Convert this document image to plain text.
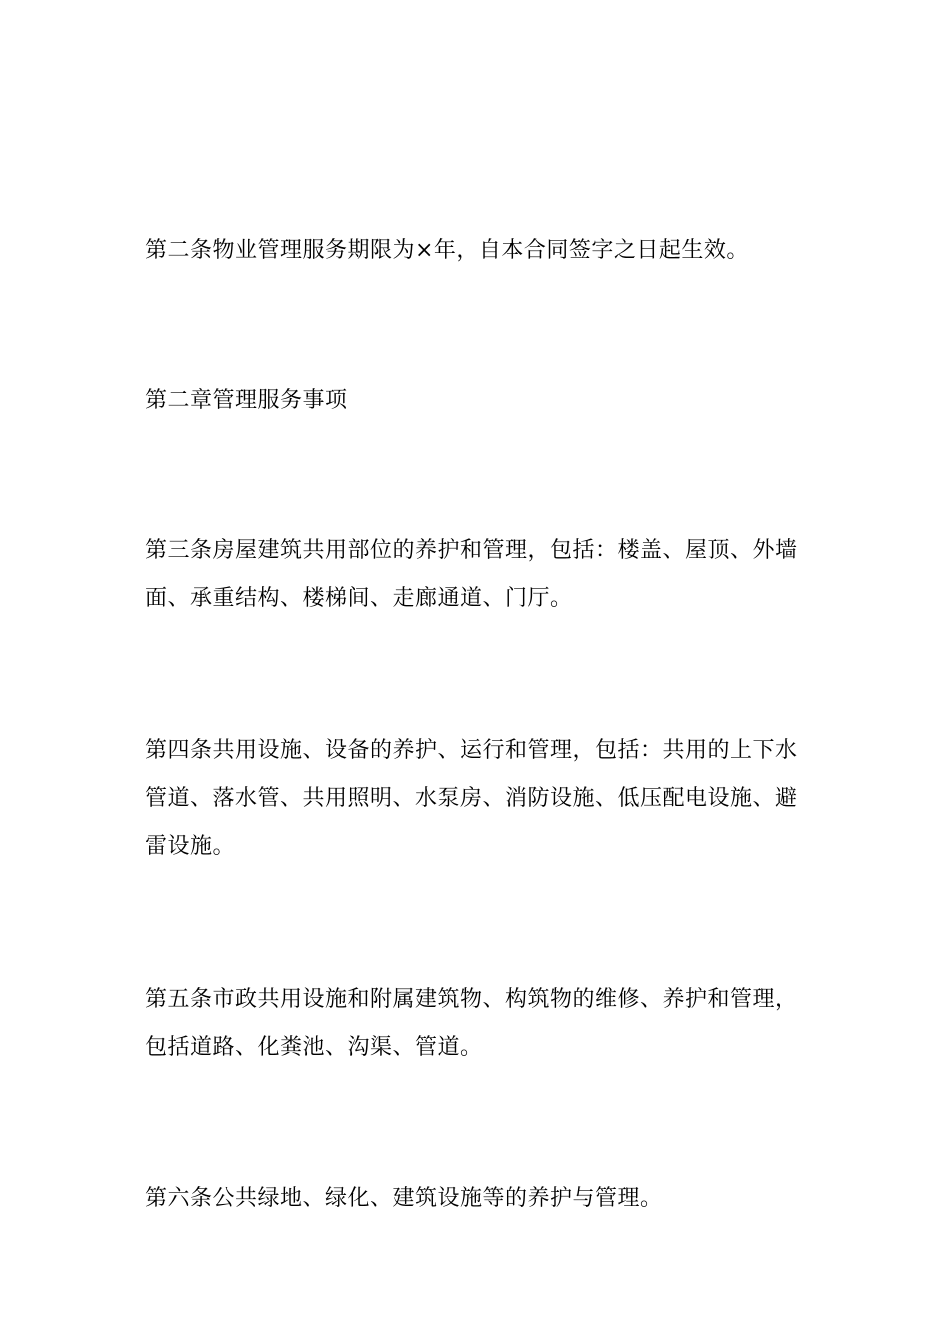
第二条物业管理服务期限为×年，自本合同签字之日起生效。

第二章管理服务事项

第三条房屋建筑共用部位的养护和管理，包括：楼盖、屋顶、外墙
面、承重结构、楼梯间、走廊通道、门厅。

第四条共用设施、设备的养护、运行和管理，包括：共用的上下水
管道、落水管、共用照明、水泵房、消防设施、低压配电设施、避
雷设施。

第五条市政共用设施和附属建筑物、构筑物的维修、养护和管理，
包括道路、化粪池、沟渠、管道。

第六条公共绿地、绿化、建筑设施等的养护与管理。
